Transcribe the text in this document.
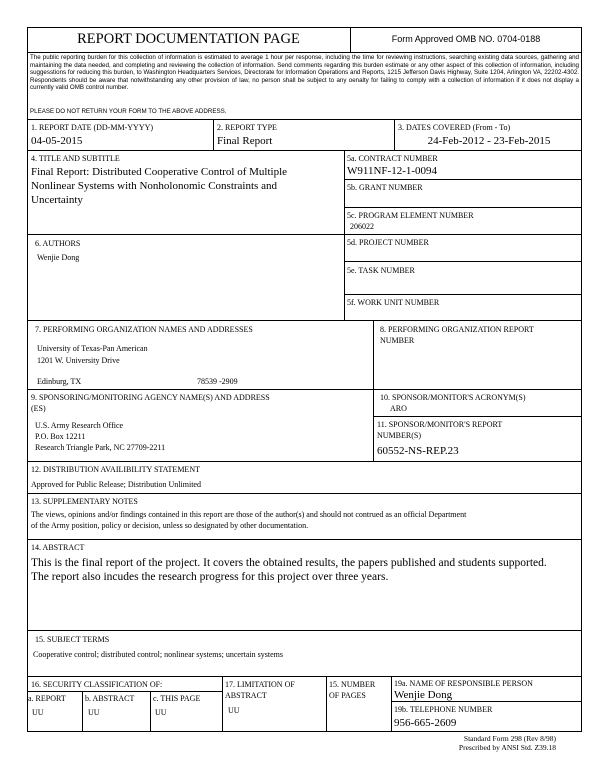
REPORT DOCUMENTATION PAGE	Form Approved OMB NO. 0704-0188
The public reporting burden for this collection of information is estimated to average 1 hour per response, including the time for reviewing instructions, searching existing data sources, gathering and maintaining the data needed, and completing and reviewing the collection of information. Send comments regarding this burden estimate or any other aspect of this collection of information, including suggesstions for reducing this burden, to Washington Headquarters Services, Directorate for Information Operations and Reports, 1215 Jefferson Davis Highway, Suite 1204, Arlington VA, 22202-4302. Respondents should be aware that notwithstanding any other provision of law, no person shall be subject to any oenalty for failing to comply with a collection of information if it does not display a currently valid OMB control number.
PLEASE DO NOT RETURN YOUR FORM TO THE ABOVE ADDRESS.
1. REPORT DATE (DD-MM-YYYY)
04-05-2015
2. REPORT TYPE
Final Report
3. DATES COVERED (From - To)
24-Feb-2012 - 23-Feb-2015
4. TITLE AND SUBTITLE
Final Report: Distributed Cooperative Control of Multiple
Nonlinear Systems with Nonholonomic Constraints and
Uncertainty
5a. CONTRACT NUMBER
W911NF-12-1-0094
5b. GRANT NUMBER
5c. PROGRAM ELEMENT NUMBER
206022
6. AUTHORS
Wenjie Dong
5d. PROJECT NUMBER
5e. TASK NUMBER
5f. WORK UNIT NUMBER
7. PERFORMING ORGANIZATION NAMES AND ADDRESSES
University of Texas-Pan American
1201 W. University Drive
Edinburg, TX	78539 -2909
8. PERFORMING ORGANIZATION REPORT
NUMBER
9. SPONSORING/MONITORING AGENCY NAME(S) AND ADDRESS
(ES)
U.S. Army Research Office
P.O. Box 12211
Research Triangle Park, NC 27709-2211
10. SPONSOR/MONITOR'S ACRONYM(S)
ARO
11. SPONSOR/MONITOR'S REPORT
NUMBER(S)
60552-NS-REP.23
12. DISTRIBUTION AVAILIBILITY STATEMENT
Approved for Public Release; Distribution Unlimited
13. SUPPLEMENTARY NOTES
The views, opinions and/or findings contained in this report are those of the author(s) and should not contrued as an official Department
of the Army position, policy or decision, unless so designated by other documentation.
14. ABSTRACT
This is the final report of the project. It covers the obtained results, the papers published and students supported.
The report also incudes the research progress for this project over three years.
15. SUBJECT TERMS
Cooperative control; distributed control; nonlinear systems; uncertain systems
16. SECURITY CLASSIFICATION OF:
a. REPORT
UU
b. ABSTRACT
UU
c. THIS PAGE
UU
17. LIMITATION OF
ABSTRACT
UU
15. NUMBER
OF PAGES
19a. NAME OF RESPONSIBLE PERSON
Wenjie Dong
19b. TELEPHONE NUMBER
956-665-2609
Standard Form 298 (Rev 8/98)
Prescribed by ANSI Std. Z39.18
